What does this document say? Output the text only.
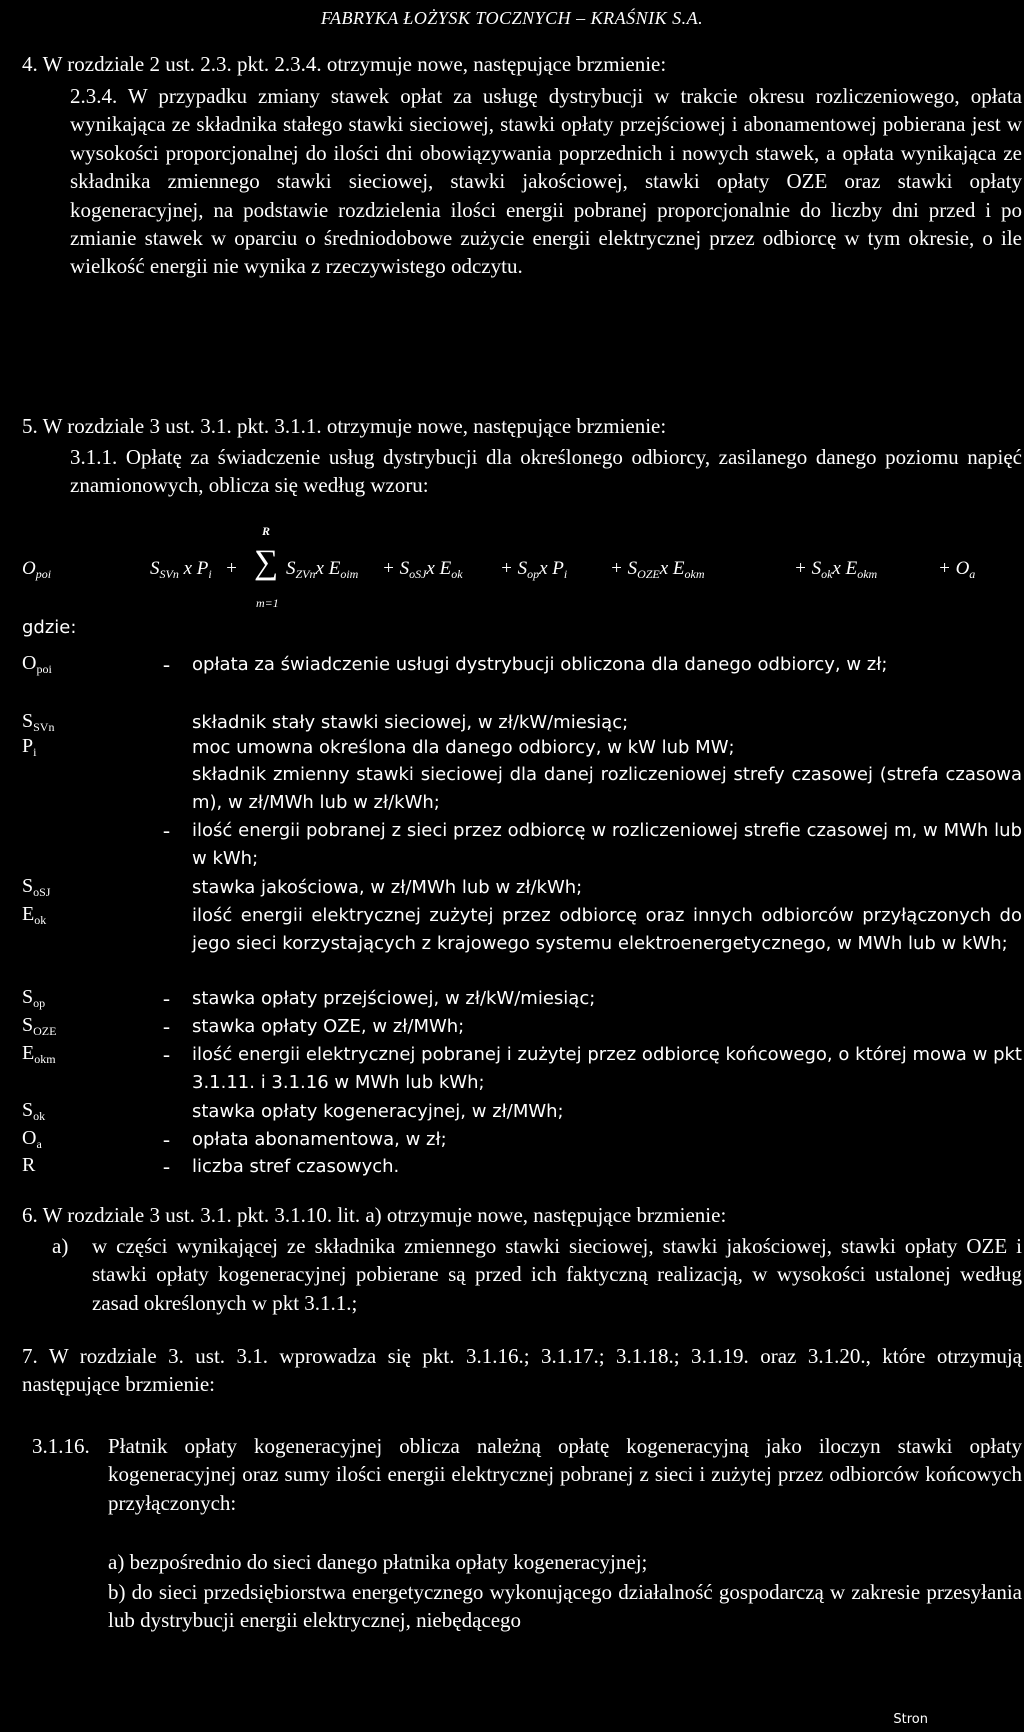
FABRYKA ŁOŻYSK TOCZNYCH – KRAŚNIK S.A.
4. W rozdziale 2 ust. 2.3. pkt. 2.3.4. otrzymuje nowe, następujące brzmienie:
2.3.4. W przypadku zmiany stawek opłat za usługę dystrybucji w trakcie okresu rozliczeniowego, opłata wynikająca ze składnika stałego stawki sieciowej, stawki opłaty przejściowej i abonamentowej pobierana jest w wysokości proporcjonalnej do ilości dni obowiązywania poprzednich i nowych stawek, a opłata wynikająca ze składnika zmiennego stawki sieciowej, stawki jakościowej, stawki opłaty OZE oraz stawki opłaty kogeneracyjnej, na podstawie rozdzielenia ilości energii pobranej proporcjonalnie do liczby dni przed i po zmianie stawek w oparciu o średniodobowe zużycie energii elektrycznej przez odbiorcę w tym okresie, o ile wielkość energii nie wynika z rzeczywistego odczytu.
5. W rozdziale 3 ust. 3.1. pkt. 3.1.1. otrzymuje nowe, następujące brzmienie:
3.1.1. Opłatę za świadczenie usług dystrybucji dla określonego odbiorcy, zasilanego danego poziomu napięć znamionowych, oblicza się według wzoru:
$O_{poi}$	$S_{SVn}$ x $P_i$ +
R
∑
m=1
$S_{ZVn}x$ $E_{oim} + S_{oSJ}x$ $E_{ok} + S_{op}x$ $P_i + S_{OZE}x$ $E_{okm}$	+ $S_{ok}x$ $E_{okm}$	+ $O_a$
gdzie:
$O_{poi}$	-	opłata za świadczenie usługi dystrybucji obliczona dla danego odbiorcy, w zł;
$S_{SVn}$	składnik stały stawki sieciowej, w zł/kW/miesiąc;
$P_i$	moc umowna określona dla danego odbiorcy, w kW lub MW;
składnik zmienny stawki sieciowej dla danej rozliczeniowej strefy czasowej (strefa czasowa m), w zł/MWh lub w zł/kWh;
-	ilość energii pobranej z sieci przez odbiorcę w rozliczeniowej strefie czasowej m, w MWh lub w kWh;
$S_{oSJ}$	stawka jakościowa, w zł/MWh lub w zł/kWh;
$E_{ok}$	ilość energii elektrycznej zużytej przez odbiorcę oraz innych odbiorców przyłączonych do jego sieci korzystających z krajowego systemu elektroenergetycznego, w MWh lub w kWh;
$S_{op}$	-	stawka opłaty przejściowej, w zł/kW/miesiąc;
$S_{OZE}$	-	stawka opłaty OZE, w zł/MWh;
$E_{okm}$	-	ilość energii elektrycznej pobranej i zużytej przez odbiorcę końcowego, o której mowa w pkt 3.1.11. i 3.1.16 w MWh lub kWh;
$S_{ok}$	stawka opłaty kogeneracyjnej, w zł/MWh;
$O_a$	-	opłata abonamentowa, w zł;
R	-	liczba stref czasowych.
6. W rozdziale 3 ust. 3.1. pkt. 3.1.10. lit. a) otrzymuje nowe, następujące brzmienie:
a) w części wynikającej ze składnika zmiennego stawki sieciowej, stawki jakościowej, stawki opłaty OZE i stawki opłaty kogeneracyjnej pobierane są przed ich faktyczną realizacją, w wysokości ustalonej według zasad określonych w pkt 3.1.1.;
7. W rozdziale 3. ust. 3.1. wprowadza się pkt. 3.1.16.; 3.1.17.; 3.1.18.; 3.1.19. oraz 3.1.20., które otrzymują następujące brzmienie:
3.1.16. Płatnik opłaty kogeneracyjnej oblicza należną opłatę kogeneracyjną jako iloczyn stawki opłaty kogeneracyjnej oraz sumy ilości energii elektrycznej pobranej z sieci i zużytej przez odbiorców końcowych przyłączonych:
a) bezpośrednio do sieci danego płatnika opłaty kogeneracyjnej;
b) do sieci przedsiębiorstwa energetycznego wykonującego działalność gospodarczą w zakresie przesyłania lub dystrybucji energii elektrycznej, niebędącego
Stron
